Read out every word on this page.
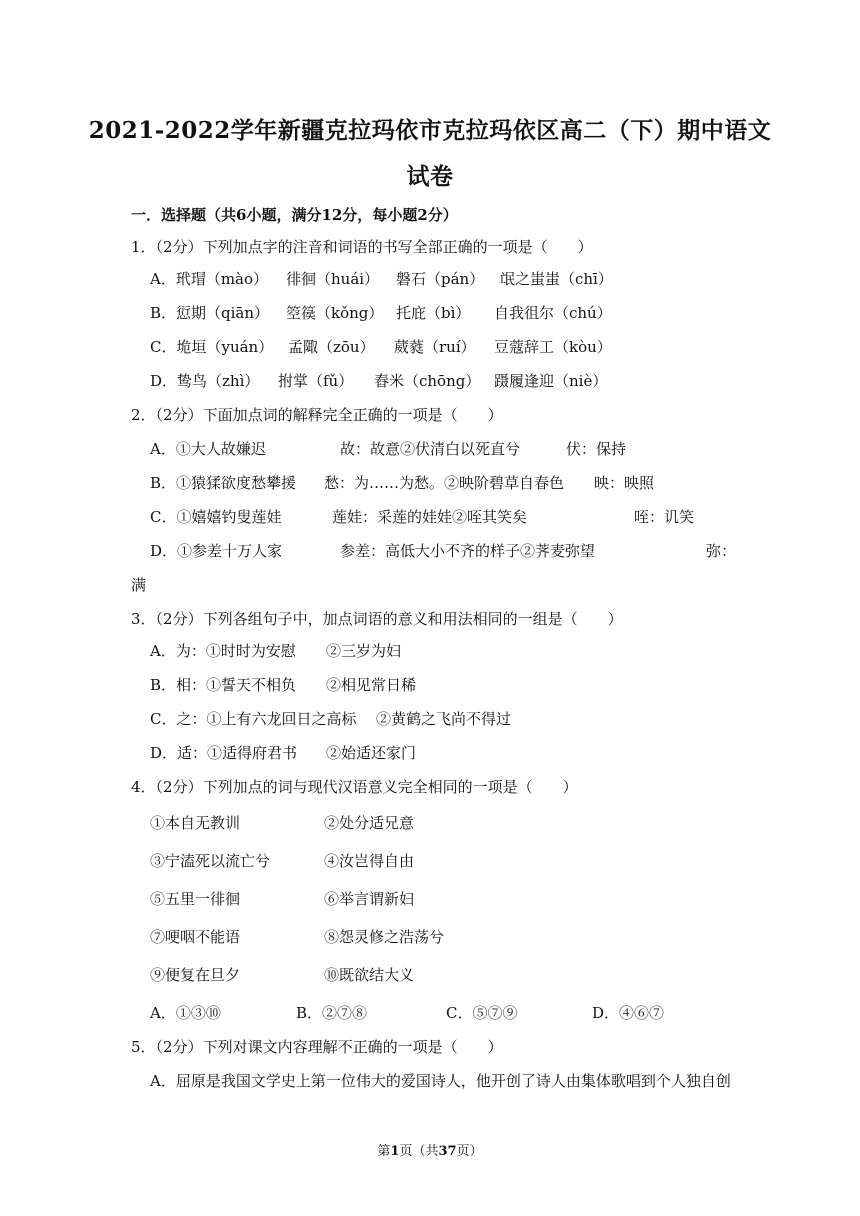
2021-2022学年新疆克拉玛依市克拉玛依区高二（下）期中语文
试卷
一．选择题（共6小题，满分12分，每小题2分）
1．（2分）下列加点字的注音和词语的书写全部正确的一项是（　　）
A．玳瑁（mào） 徘徊（huái） 磐石（pán） 氓之蚩蚩（chī）
B．愆期（qiān） 箜篌（kǒng） 托庇（bì） 自我徂尔（chú）
C．垝垣（yuán） 孟陬（zōu） 葳蕤（ruí） 豆蔻辞工（kòu）
D．鸷鸟（zhì） 拊掌（fǔ） 舂米（chōng） 蹑履逢迎（niè）
2．（2分）下面加点词的解释完全正确的一项是（　　）
A．①大人故嫌迟	故：故意②伏清白以死直兮	伏：保持
B．①猿猱欲度愁攀援 愁：为……为愁。②映阶碧草自春色 映：映照
C．①嬉嬉钓叟莲娃	莲娃：采莲的娃娃②咥其笑矣	咥：讥笑
D．①参差十万人家	参差：高低大小不齐的样子②荠麦弥望	弥：
满
3．（2分）下列各组句子中，加点词语的意义和用法相同的一组是（　　）
A．为：①时时为安慰 ②三岁为妇
B．相：①誓天不相负 ②相见常日稀
C．之：①上有六龙回日之高标 ②黄鹤之飞尚不得过
D．适：①适得府君书 ②始适还家门
4．（2分）下列加点的词与现代汉语意义完全相同的一项是（　　）
①本自无教训	②处分适兄意
③宁溘死以流亡兮	④汝岂得自由
⑤五里一徘徊	⑥举言谓新妇
⑦哽咽不能语	⑧怨灵修之浩荡兮
⑨便复在旦夕	⑩既欲结大义
A．①③⑩	B．②⑦⑧	C．⑤⑦⑨	D．④⑥⑦
5．（2分）下列对课文内容理解不正确的一项是（　　）
A．屈原是我国文学史上第一位伟大的爱国诗人，他开创了诗人由集体歌唱到个人独自创
第1页（共37页）
